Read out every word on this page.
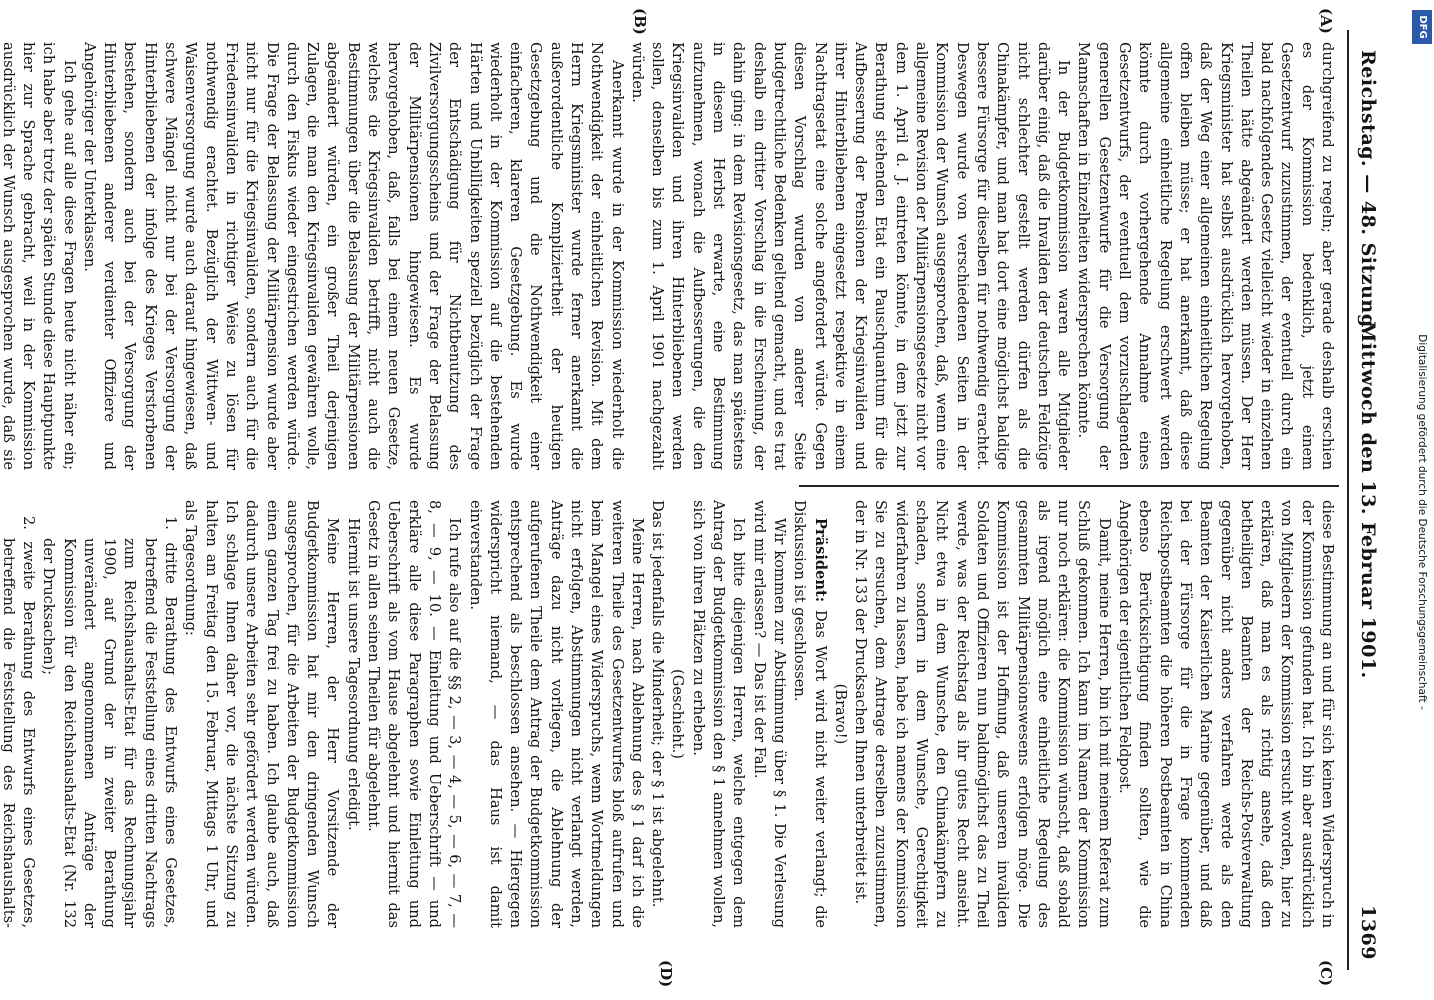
Reichstag. — 48. Sitzung.
Mittwoch den 13. Februar 1901.
1369
(A)
(B)
(C)
(D)

durchgreifend zu regeln; aber gerade deshalb erschien es der Kommission bedenklich, jetzt einem Gesetzentwurf zuzustimmen, der eventuell durch ein bald nachfolgendes Gesetz vielleicht wieder in einzelnen Theilen hätte abgeändert werden müssen. Der Herr Kriegsminister hat selbst ausdrücklich hervorgehoben, daß der Weg einer allgemeinen einheitlichen Regelung offen bleiben müsse; er hat anerkannt, daß diese allgemeine einheitliche Regelung erschwert werden könnte durch vorhergehende Annahme eines Gesetzentwurfs, der eventuell dem vorzuschlagenden generellen Gesetzentwurfe für die Versorgung der Mannschaften in Einzelheiten widersprechen könnte.

In der Budgetkommission waren alle Mitglieder darüber einig, daß die Invaliden der deutschen Feldzüge nicht schlechter gestellt werden dürfen als die Chinakämpfer, und man hat dort eine möglichst baldige bessere Fürsorge für dieselben für nothwendig erachtet. Deswegen wurde von verschiedenen Seiten in der Kommission der Wunsch ausgesprochen, daß, wenn eine allgemeine Revision der Militärpensionsgesetze nicht vor dem 1. April d. J. eintreten könnte, in dem jetzt zur Berathung stehenden Etat ein Pauschquantum für die Aufbesserung der Pensionen der Kriegsinvaliden und ihrer Hinterbliebenen eingesetzt respektive in einem Nachtragsetat eine solche angefordert würde. Gegen diesen Vorschlag wurden von anderer Seite budgetrechtliche Bedenken geltend gemacht, und es trat deshalb ein dritter Vorschlag in die Erscheinung, der dahin ging: in dem Revisionsgesetz, das man spätestens in diesem Herbst erwarte, eine Bestimmung aufzunehmen, wonach die Aufbesserungen, die den Kriegsinvaliden und ihren Hinterbliebenen werden sollen, denselben bis zum 1. April 1901 nachgezahlt würden.

Anerkannt wurde in der Kommission wiederholt die Nothwendigkeit der einheitlichen Revision. Mit dem Herrn Kriegsminister wurde ferner anerkannt die außerordentliche Kompliziertheit der heutigen Gesetzgebung und die Nothwendigkeit einer einfacheren, klareren Gesetzgebung. Es wurde wiederholt in der Kommission auf die bestehenden Härten und Unbilligkeiten speziell bezüglich der Frage der Entschädigung für Nichtbenutzung des Zivilversorgungsscheins und der Frage der Belassung der Militärpensionen hingewiesen. Es wurde hervorgehoben, daß, falls bei einem neuen Gesetze, welches die Kriegsinvaliden betrifft, nicht auch die Bestimmungen über die Belassung der Militärpensionen abgeändert würden, ein großer Theil derjenigen Zulagen, die man den Kriegsinvaliden gewähren wolle, durch den Fiskus wieder eingestrichen werden würde. Die Frage der Belassung der Militärpension wurde aber nicht nur für die Kriegsinvaliden, sondern auch für die Friedensinvaliden in richtiger Weise zu lösen für nothwendig erachtet. Bezüglich der Wittwen- und Waisenversorgung wurde auch darauf hingewiesen, daß schwere Mängel nicht nur bei der Versorgung der Hinterbliebenen der infolge des Krieges Verstorbenen bestehen, sondern auch bei der Versorgung der Hinterbliebenen anderer verdienter Offiziere und Angehöriger der Unterklassen.

Ich gehe auf alle diese Fragen heute nicht näher ein; ich habe aber trotz der späten Stunde diese Hauptpunkte hier zur Sprache gebracht, weil in der Kommission ausdrücklich der Wunsch ausgesprochen wurde, daß sie

diese Bestimmung an und für sich keinen Widerspruch in der Kommission gefunden hat. Ich bin aber ausdrücklich von Mitgliedern der Kommission ersucht worden, hier zu erklären, daß man es als richtig ansehe, daß den betheiligten Beamten der Reichs-Postverwaltung gegenüber nicht anders verfahren werde als den Beamten der Kaiserlichen Marine gegenüber, und daß bei der Fürsorge für die in Frage kommenden Reichspostbeamten die höheren Postbeamten in China ebenso Berücksichtigung finden sollten, wie die Angehörigen der eigentlichen Feldpost.

Damit, meine Herren, bin ich mit meinem Referat zum Schluß gekommen. Ich kann im Namen der Kommission nur noch erklären: die Kommission wünscht, daß sobald als irgend möglich eine einheitliche Regelung des gesammten Militärpensionswesens erfolgen möge. Die Kommission ist der Hoffnung, daß unseren invaliden Soldaten und Offizieren nun baldmöglichst das zu Theil werde, was der Reichstag als ihr gutes Recht ansieht. Nicht etwa in dem Wunsche, den Chinakämpfern zu schaden, sondern in dem Wunsche, Gerechtigkeit widerfahren zu lassen, habe ich namens der Kommission Sie zu ersuchen, dem Antrage derselben zuzustimmen, der in Nr. 133 der Drucksachen Ihnen unterbreitet ist.

(Bravo!)

Präsident: Das Wort wird nicht weiter verlangt; die Diskussion ist geschlossen.

Wir kommen zur Abstimmung über § 1. Die Verlesung wird mir erlassen? — Das ist der Fall.

Ich bitte diejenigen Herren, welche entgegen dem Antrag der Budgetkommission den § 1 annehmen wollen, sich von ihren Plätzen zu erheben.

(Geschieht.)

Das ist jedenfalls die Minderheit; der § 1 ist abgelehnt.

Meine Herren, nach Ablehnung des § 1 darf ich die weiteren Theile des Gesetzentwurfes bloß aufrufen und beim Mangel eines Widerspruchs, wenn Wortmeldungen nicht erfolgen, Abstimmungen nicht verlangt werden, Anträge dazu nicht vorliegen, die Ablehnung der aufgerufenen Theile dem Antrag der Budgetkommission entsprechend als beschlossen ansehen. — Hiergegen widerspricht niemand, — das Haus ist damit einverstanden.

Ich rufe also auf die §§ 2, — 3, — 4, — 5, — 6, — 7, — 8, — 9, — 10. — Einleitung und Ueberschrift — und erkläre alle diese Paragraphen sowie Einleitung und Ueberschrift als vom Hause abgelehnt und hiermit das Gesetz in allen seinen Theilen für abgelehnt.

Hiermit ist unsere Tagesordnung erledigt.

Meine Herren, der Herr Vorsitzende der Budgetkommission hat mir den dringenden Wunsch ausgesprochen, für die Arbeiten der Budgetkommission einen ganzen Tag frei zu haben. Ich glaube auch, daß dadurch unsere Arbeiten sehr gefördert werden würden. Ich schlage Ihnen daher vor, die nächste Sitzung zu halten am Freitag den 15. Februar, Mittags 1 Uhr, und als Tagesordnung:

1. dritte Berathung des Entwurfs eines Gesetzes, betreffend die Feststellung eines dritten Nachtrags zum Reichshaushalts-Etat für das Rechnungsjahr 1900, auf Grund der in zweiter Berathung unverändert angenommenen Anträge der Kommission für den Reichshaushalts-Etat (Nr. 132 der Drucksachen);

2. zweite Berathung des Entwurfs eines Gesetzes, betreffend die Feststellung des Reichshaushalts-

DFG
Digitalisierung gefördert durch die Deutsche Forschungsgemeinschaft -
